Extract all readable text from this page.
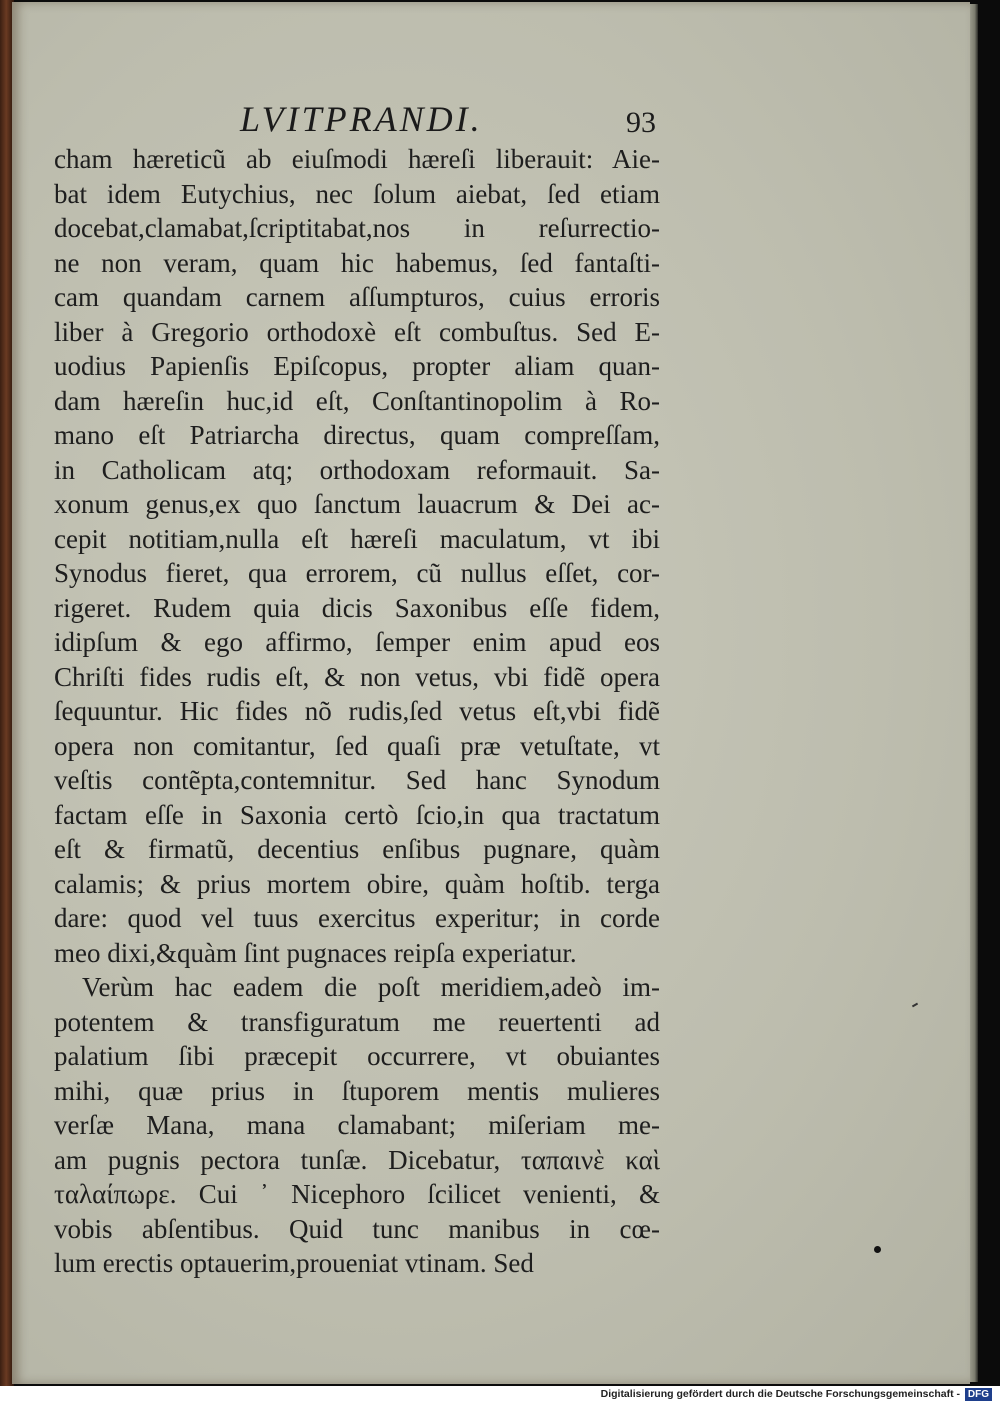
LVITPRANDI.	93
cham hæreticũ ab eiuſmodi hæreſi liberauit: Aie-
bat idem Eutychius, nec ſolum aiebat, ſed etiam
docebat,clamabat,ſcriptitabat,nos in reſurrectio-
ne non veram, quam hic habemus, ſed fantaſti-
cam quandam carnem aſſumpturos, cuius erroris
liber à Gregorio orthodoxè eſt combuſtus. Sed E-
uodius Papienſis Epiſcopus, propter aliam quan-
dam hæreſin huc,id eſt, Conſtantinopolim à Ro-
mano eſt Patriarcha directus, quam compreſſam,
in Catholicam atq; orthodoxam reformauit. Sa-
xonum genus,ex quo ſanctum lauacrum & Dei ac-
cepit notitiam,nulla eſt hæreſi maculatum, vt ibi
Synodus fieret, qua errorem, cũ nullus eſſet, cor-
rigeret. Rudem quia dicis Saxonibus eſſe fidem,
idipſum & ego affirmo, ſemper enim apud eos
Chriſti fides rudis eſt, & non vetus, vbi fidẽ opera
ſequuntur. Hic fides nõ rudis,ſed vetus eſt,vbi fidẽ
opera non comitantur, ſed quaſi præ vetuſtate, vt
veſtis contẽpta,contemnitur. Sed hanc Synodum
factam eſſe in Saxonia certò ſcio,in qua tractatum
eſt & firmatũ, decentius enſibus pugnare, quàm
calamis; & prius mortem obire, quàm hoſtib. terga
dare: quod vel tuus exercitus experitur; in corde
meo dixi,&quàm ſint pugnaces reipſa experiatur.
Verùm hac eadem die poſt meridiem,adeò im-
potentem & transfiguratum me reuertenti ad
palatium ſibi præcepit occurrere, vt obuiantes
mihi, quæ prius in ſtuporem mentis mulieres
verſæ Mana, mana clamabant; miſeriam me-
am pugnis pectora tunſæ. Dicebatur, ταπαινὲ καὶ
ταλαίπωρε. Cui ᾽ Nicephoro ſcilicet venienti, &
vobis abſentibus. Quid tunc manibus in cœ-
lum erectis optauerim,proueniat vtinam. Sed
Digitalisierung gefördert durch die Deutsche Forschungsgemeinschaft - DFG
